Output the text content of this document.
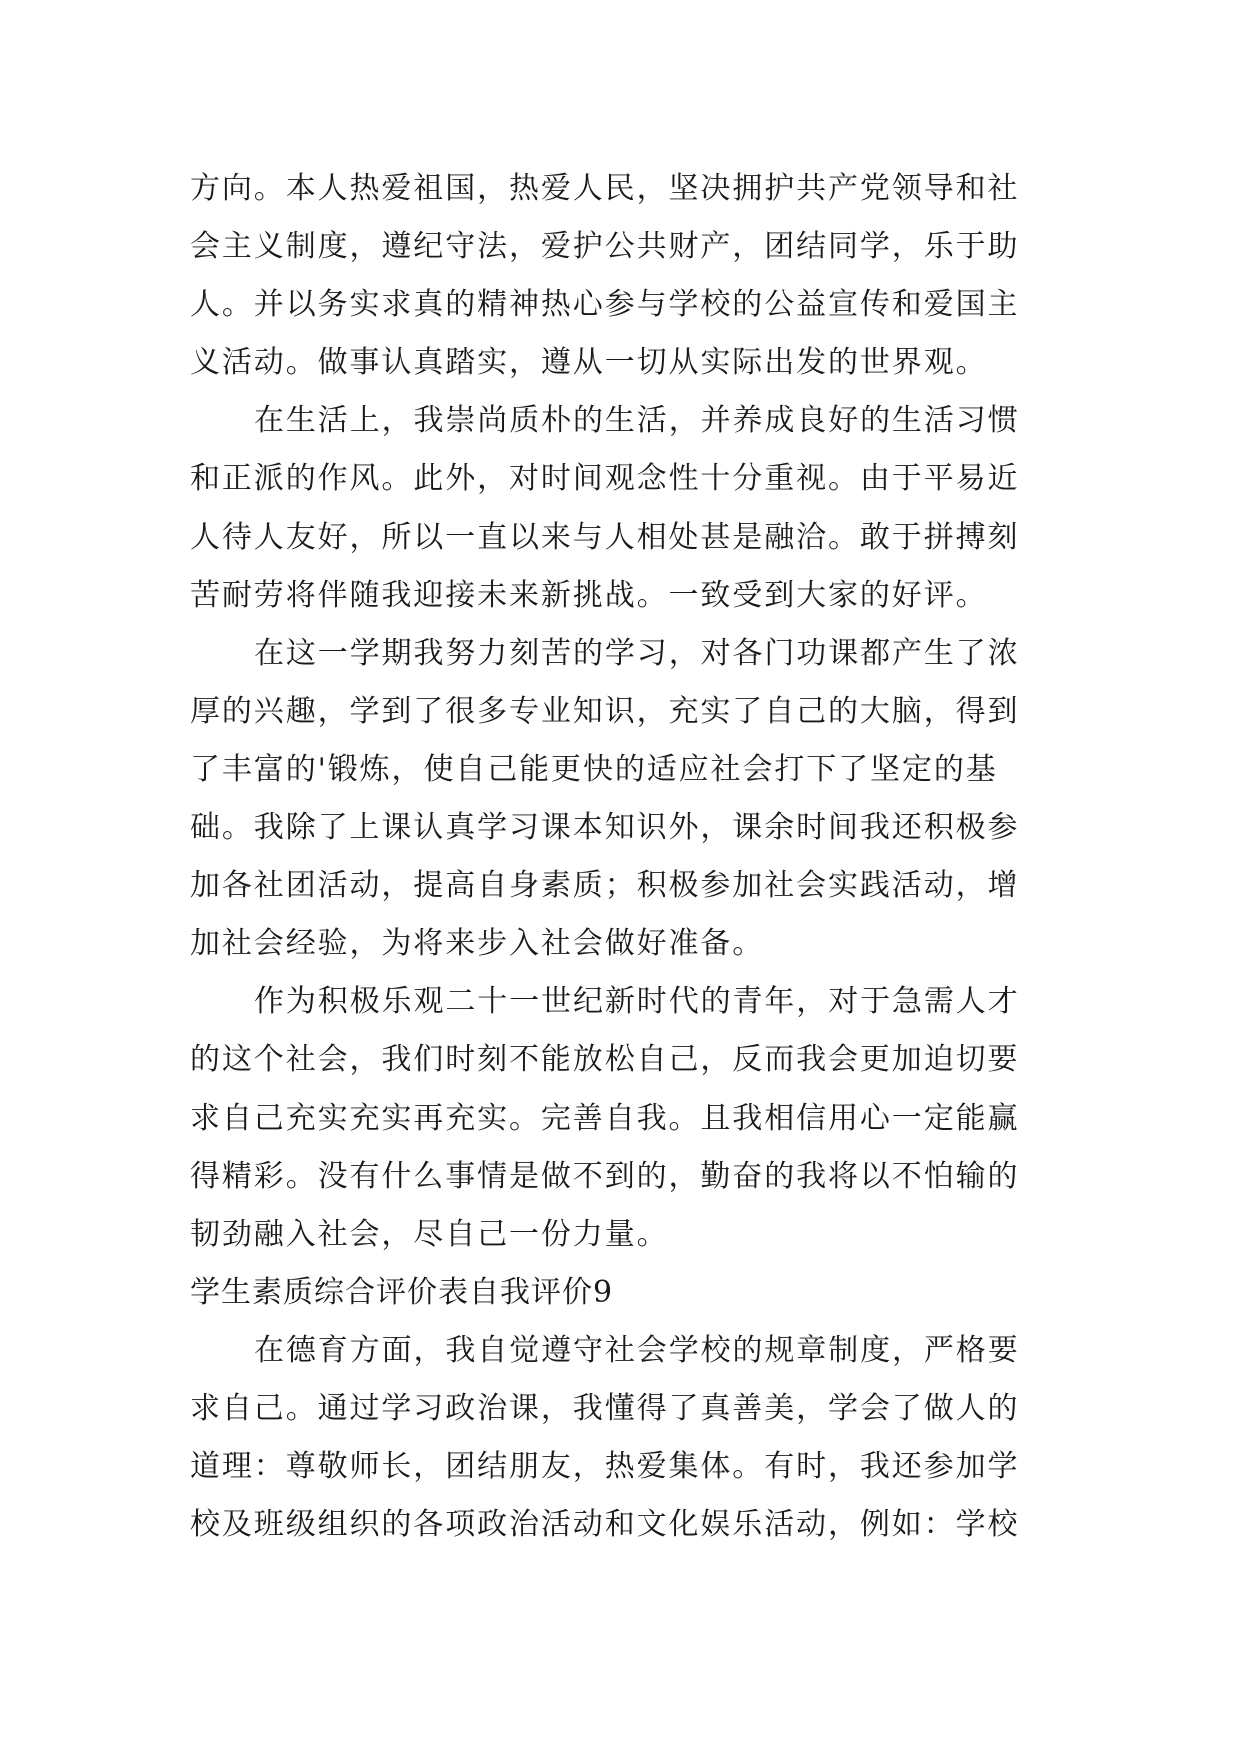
方向。本人热爱祖国，热爱人民，坚决拥护共产党领导和社
会主义制度，遵纪守法，爱护公共财产，团结同学，乐于助
人。并以务实求真的精神热心参与学校的公益宣传和爱国主
义活动。做事认真踏实，遵从一切从实际出发的世界观。
在生活上，我崇尚质朴的生活，并养成良好的生活习惯
和正派的作风。此外，对时间观念性十分重视。由于平易近
人待人友好，所以一直以来与人相处甚是融洽。敢于拼搏刻
苦耐劳将伴随我迎接未来新挑战。一致受到大家的好评。
在这一学期我努力刻苦的学习，对各门功课都产生了浓
厚的兴趣，学到了很多专业知识，充实了自己的大脑，得到
了丰富的'锻炼，使自己能更快的适应社会打下了坚定的基
础。我除了上课认真学习课本知识外，课余时间我还积极参
加各社团活动，提高自身素质；积极参加社会实践活动，增
加社会经验，为将来步入社会做好准备。
作为积极乐观二十一世纪新时代的青年，对于急需人才
的这个社会，我们时刻不能放松自己，反而我会更加迫切要
求自己充实充实再充实。完善自我。且我相信用心一定能赢
得精彩。没有什么事情是做不到的，勤奋的我将以不怕输的
韧劲融入社会，尽自己一份力量。
学生素质综合评价表自我评价9
在德育方面，我自觉遵守社会学校的规章制度，严格要
求自己。通过学习政治课，我懂得了真善美，学会了做人的
道理：尊敬师长，团结朋友，热爱集体。有时，我还参加学
校及班级组织的各项政治活动和文化娱乐活动，例如：学校
